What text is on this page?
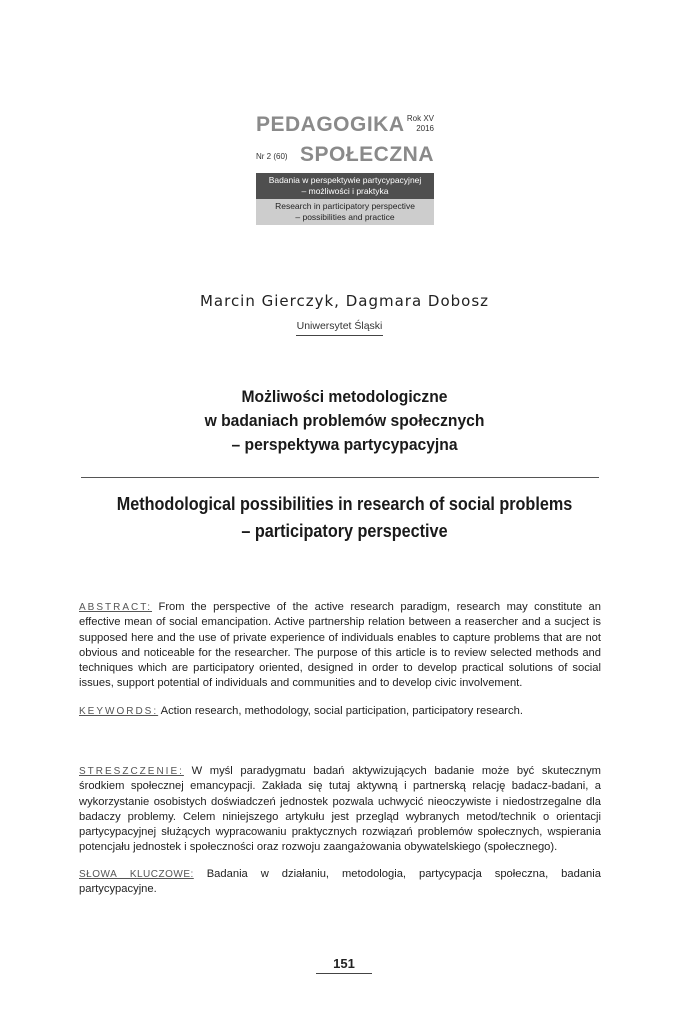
PEDAGOGIKA Rok XV
2016
Nr 2 (60) SPOŁECZNA
Badania w perspektywie partycypacyjnej
– możliwości i praktyka
Research in participatory perspective
– possibilities and practice
Marcin Gierczyk, Dagmara Dobosz
Uniwersytet Śląski
Możliwości metodologiczne
w badaniach problemów społecznych
– perspektywa partycypacyjna
Methodological possibilities in research of social problems
– participatory perspective
ABSTRACT: From the perspective of the active research paradigm, research may constitute an effective mean of social emancipation. Active partnership relation between a reasercher and a sucject is supposed here and the use of private experience of individuals enables to capture problems that are not obvious and noticeable for the researcher. The purpose of this article is to review selected methods and techniques which are participatory oriented, designed in order to develop practical solutions of social issues, support potential of individuals and communities and to develop civic involvement.
KEYWORDS: Action research, methodology, social participation, participatory research.
STRESZCZENIE: W myśl paradygmatu badań aktywizujących badanie może być skutecznym środkiem społecznej emancypacji. Zakłada się tutaj aktywną i partnerską relację badacz-badani, a wykorzystanie osobistych doświadczeń jednostek pozwala uchwycić nieoczywiste i niedostrzegalne dla badaczy problemy. Celem niniejszego artykułu jest przegląd wybranych metod/technik o orientacji partycypacyjnej służących wypracowaniu praktycznych rozwiązań problemów społecznych, wspierania potencjału jednostek i społeczności oraz rozwoju zaangażowania obywatelskiego (społecznego).
SŁOWA KLUCZOWE: Badania w działaniu, metodologia, partycypacja społeczna, badania partycypacyjne.
151
